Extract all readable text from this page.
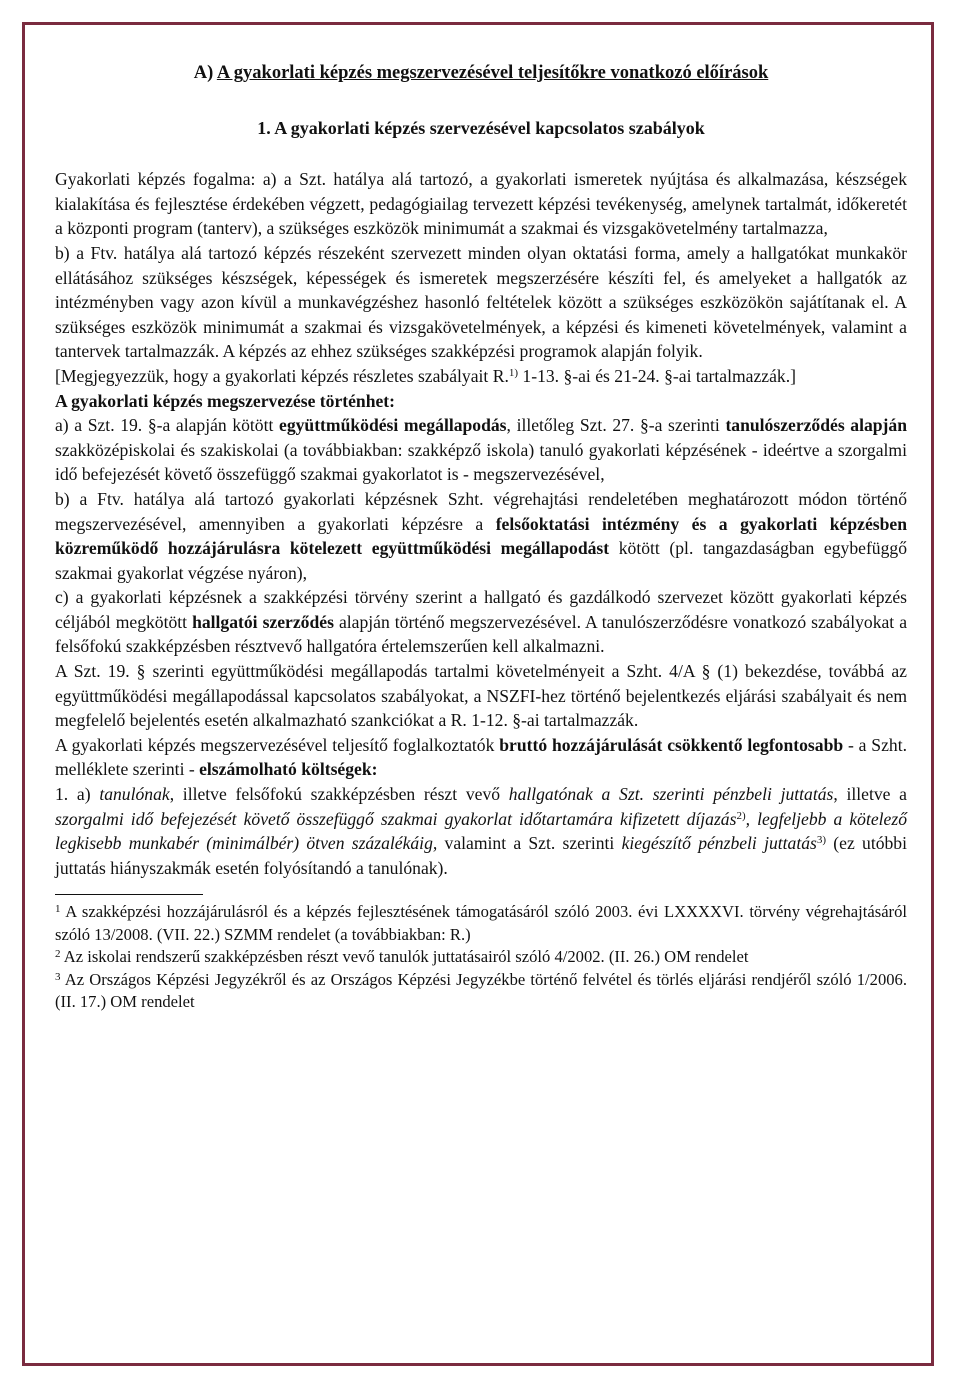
A) A gyakorlati képzés megszervezésével teljesítőkre vonatkozó előírások
1. A gyakorlati képzés szervezésével kapcsolatos szabályok

Gyakorlati képzés fogalma: a) a Szt. hatálya alá tartozó, a gyakorlati ismeretek nyújtása és alkalmazása, készségek kialakítása és fejlesztése érdekében végzett, pedagógiailag tervezett képzési tevékenység, amelynek tartalmát, időkeretét a központi program (tanterv), a szükséges eszközök minimumát a szakmai és vizsgakövetelmény tartalmazza,

b) a Ftv. hatálya alá tartozó képzés részeként szervezett minden olyan oktatási forma, amely a hallgatókat munkakör ellátásához szükséges készségek, képességek és ismeretek megszerzésére készíti fel, és amelyeket a hallgatók az intézményben vagy azon kívül a munkavégzéshez hasonló feltételek között a szükséges eszközökön sajátítanak el. A szükséges eszközök minimumát a szakmai és vizsgakövetelmények, a képzési és kimeneti követelmények, valamint a tantervek tartalmazzák. A képzés az ehhez szükséges szakképzési programok alapján folyik.

[Megjegyezzük, hogy a gyakorlati képzés részletes szabályait R.$^{1)}$ 1-13. §-ai és 21-24. §-ai tartalmazzák.]

A gyakorlati képzés megszervezése történhet:

a) a Szt. 19. §-a alapján kötött együttműködési megállapodás, illetőleg Szt. 27. §-a szerinti tanulószerződés alapján szakközépiskolai és szakiskolai (a továbbiakban: szakképző iskola) tanuló gyakorlati képzésének - ideértve a szorgalmi idő befejezését követő összefüggő szakmai gyakorlatot is - megszervezésével,

b) a Ftv. hatálya alá tartozó gyakorlati képzésnek Szht. végrehajtási rendeletében meghatározott módon történő megszervezésével, amennyiben a gyakorlati képzésre a felsőoktatási intézmény és a gyakorlati képzésben közreműködő hozzájárulásra kötelezett együttműködési megállapodást kötött (pl. tangazdaságban egybefüggő szakmai gyakorlat végzése nyáron),

c) a gyakorlati képzésnek a szakképzési törvény szerint a hallgató és gazdálkodó szervezet között gyakorlati képzés céljából megkötött hallgatói szerződés alapján történő megszervezésével. A tanulószerződésre vonatkozó szabályokat a felsőfokú szakképzésben résztvevő hallgatóra értelemszerűen kell alkalmazni.

A Szt. 19. § szerinti együttműködési megállapodás tartalmi követelményeit a Szht. 4/A § (1) bekezdése, továbbá az együttműködési megállapodással kapcsolatos szabályokat, a NSZFI-hez történő bejelentkezés eljárási szabályait és nem megfelelő bejelentés esetén alkalmazható szankciókat a R. 1-12. §-ai tartalmazzák.

A gyakorlati képzés megszervezésével teljesítő foglalkoztatók bruttó hozzájárulását csökkentő legfontosabb - a Szht. melléklete szerinti - elszámolható költségek:

1. a) tanulónak, illetve felsőfokú szakképzésben részt vevő hallgatónak a Szt. szerinti pénzbeli juttatás, illetve a szorgalmi idő befejezését követő összefüggő szakmai gyakorlat időtartamára kifizetett díjazás$^{2)}$, legfeljebb a kötelező legkisebb munkabér (minimálbér) ötven százalékáig, valamint a Szt. szerinti kiegészítő pénzbeli juttatás$^{3)}$ (ez utóbbi juttatás hiányszakmák esetén folyósítandó a tanulónak).

$^1$ A szakképzési hozzájárulásról és a képzés fejlesztésének támogatásáról szóló 2003. évi LXXXXVI. törvény végrehajtásáról szóló 13/2008. (VII. 22.) SZMM rendelet (a továbbiakban: R.)

$^2$ Az iskolai rendszerű szakképzésben részt vevő tanulók juttatásairól szóló 4/2002. (II. 26.) OM rendelet

$^3$ Az Országos Képzési Jegyzékről és az Országos Képzési Jegyzékbe történő felvétel és törlés eljárási rendjéről szóló 1/2006. (II. 17.) OM rendelet
